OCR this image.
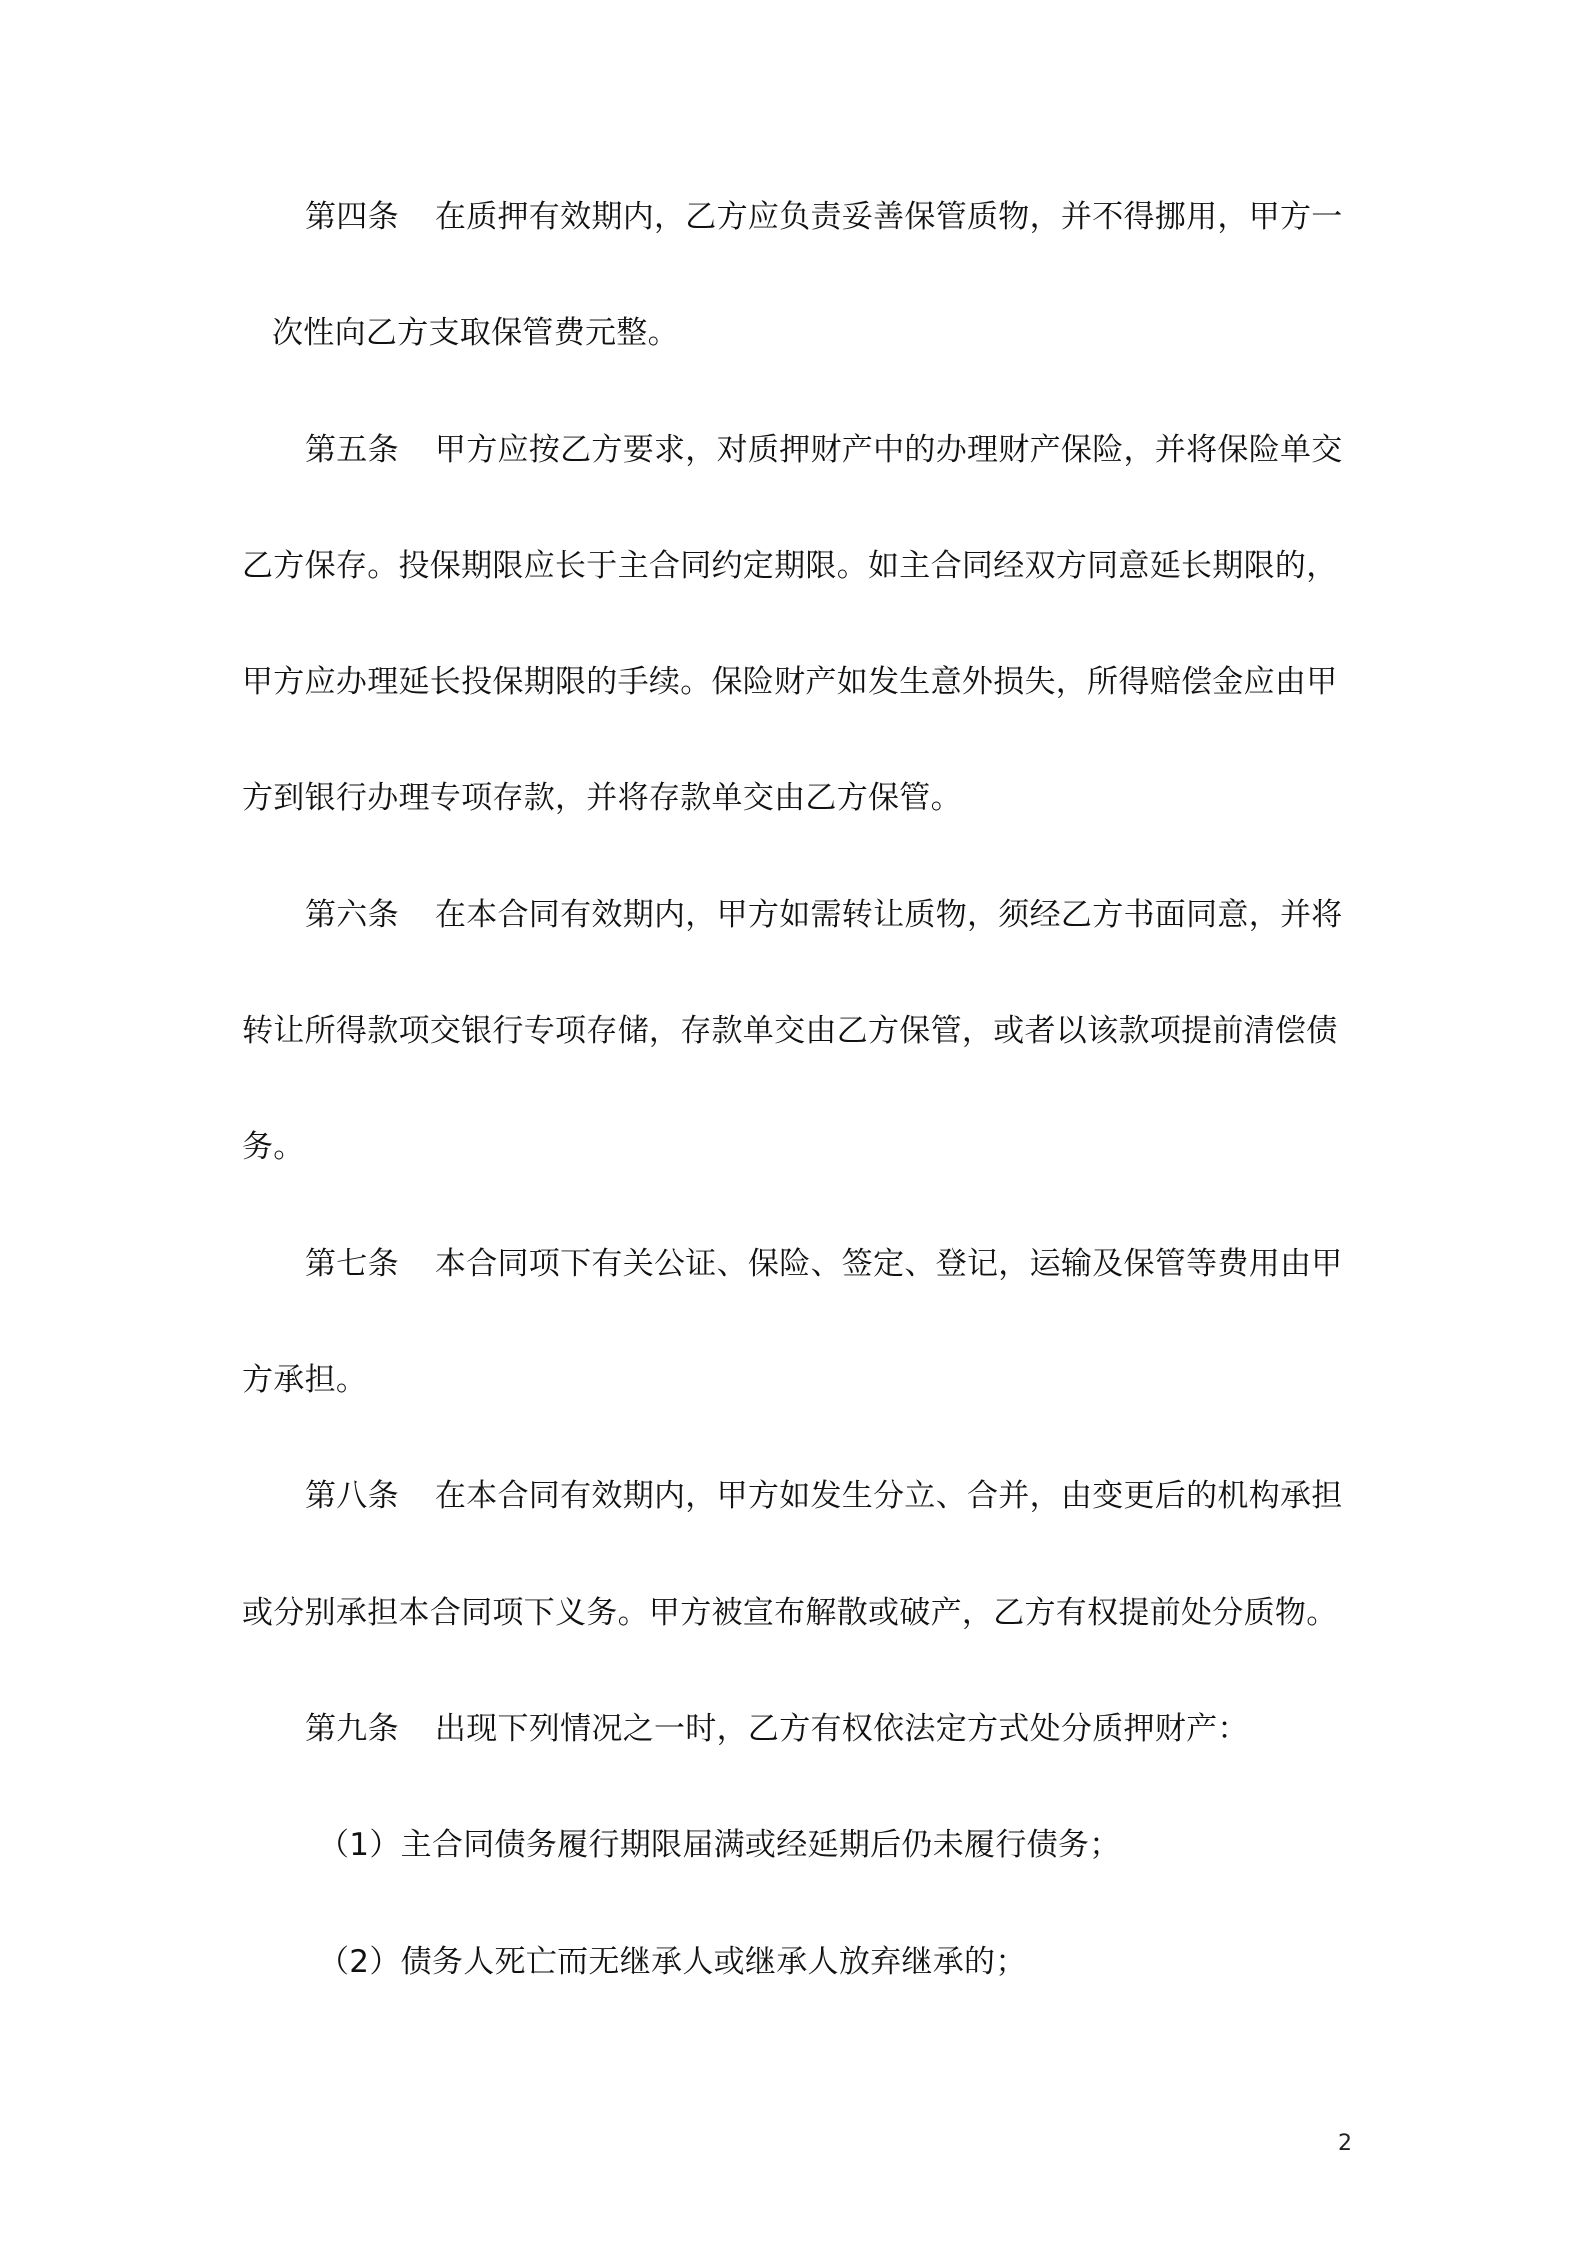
第四条 在质押有效期内，乙方应负责妥善保管质物，并不得挪用，甲方一
次性向乙方支取保管费元整。
第五条 甲方应按乙方要求，对质押财产中的办理财产保险，并将保险单交
乙方保存。投保期限应长于主合同约定期限。如主合同经双方同意延长期限的，
甲方应办理延长投保期限的手续。保险财产如发生意外损失，所得赔偿金应由甲
方到银行办理专项存款，并将存款单交由乙方保管。
第六条 在本合同有效期内，甲方如需转让质物，须经乙方书面同意，并将
转让所得款项交银行专项存储，存款单交由乙方保管，或者以该款项提前清偿债
务。
第七条 本合同项下有关公证、保险、签定、登记，运输及保管等费用由甲
方承担。
第八条 在本合同有效期内，甲方如发生分立、合并，由变更后的机构承担
或分别承担本合同项下义务。甲方被宣布解散或破产，乙方有权提前处分质物。
第九条 出现下列情况之一时，乙方有权依法定方式处分质押财产：
（1）主合同债务履行期限届满或经延期后仍未履行债务；
（2）债务人死亡而无继承人或继承人放弃继承的；
2
